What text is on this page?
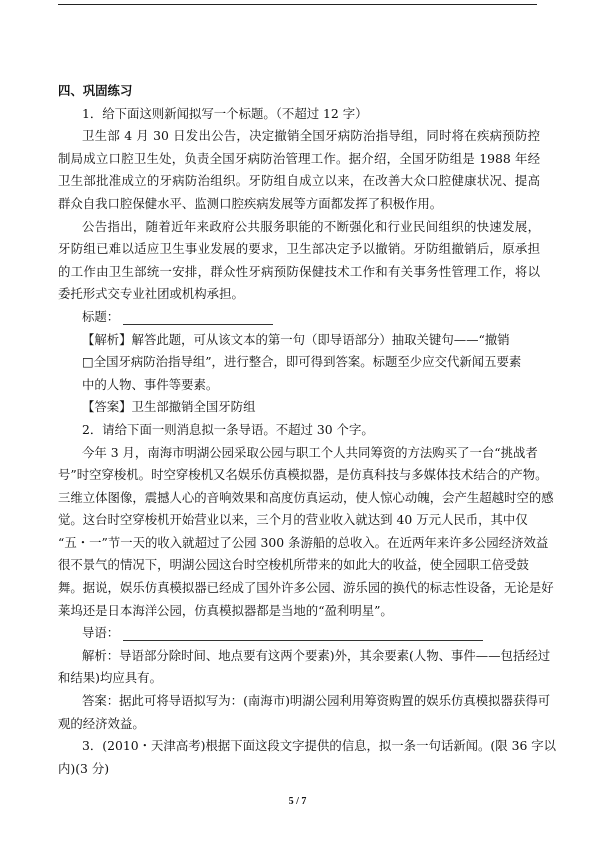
四、巩固练习

1．给下面这则新闻拟写一个标题。（不超过 12 字）

卫生部 4 月 30 日发出公告，决定撤销全国牙病防治指导组，同时将在疾病预防控制局成立口腔卫生处，负责全国牙病防治管理工作。据介绍，全国牙防组是 1988 年经卫生部批准成立的牙病防治组织。牙防组自成立以来，在改善大众口腔健康状况、提高群众自我口腔保健水平、监测口腔疾病发展等方面都发挥了积极作用。

公告指出，随着近年来政府公共服务职能的不断强化和行业民间组织的快速发展，牙防组已难以适应卫生事业发展的要求，卫生部决定予以撤销。牙防组撤销后，原承担的工作由卫生部统一安排，群众性牙病预防保健技术工作和有关事务性管理工作，将以委托形式交专业社团或机构承担。

标题：

【解析】解答此题，可从该文本的第一句（即导语部分）抽取关键句——“撤销

□全国牙病防治指导组”，进行整合，即可得到答案。标题至少应交代新闻五要素

中的人物、事件等要素。

【答案】卫生部撤销全国牙防组

2．请给下面一则消息拟一条导语。不超过 30 个字。

今年 3 月，南海市明湖公园采取公园与职工个人共同筹资的方法购买了一台“挑战者

号”时空穿梭机。时空穿梭机又名娱乐仿真模拟器，是仿真科技与多媒体技术结合的产物。

三维立体图像，震撼人心的音响效果和高度仿真运动，使人惊心动魄，会产生超越时空的感

觉。这台时空穿梭机开始营业以来，三个月的营业收入就达到 40 万元人民币，其中仅

“五・一”节一天的收入就超过了公园 300 条游船的总收入。在近两年来许多公园经济效益

很不景气的情况下，明湖公园这台时空梭机所带来的如此大的收益，使全园职工倍受鼓

舞。据说，娱乐仿真模拟器已经成了国外许多公园、游乐园的换代的标志性设备，无论是好

莱坞还是日本海洋公园，仿真模拟器都是当地的“盈利明星”。

导语：

解析：导语部分除时间、地点要有这两个要素)外，其余要素(人物、事件——包括经过

和结果)均应具有。

答案：据此可将导语拟写为：(南海市)明湖公园利用筹资购置的娱乐仿真模拟器获得可

观的经济效益。

3．(2010・天津高考)根据下面这段文字提供的信息，拟一条一句话新闻。(限 36 字以

内)(3 分)

5 / 7
